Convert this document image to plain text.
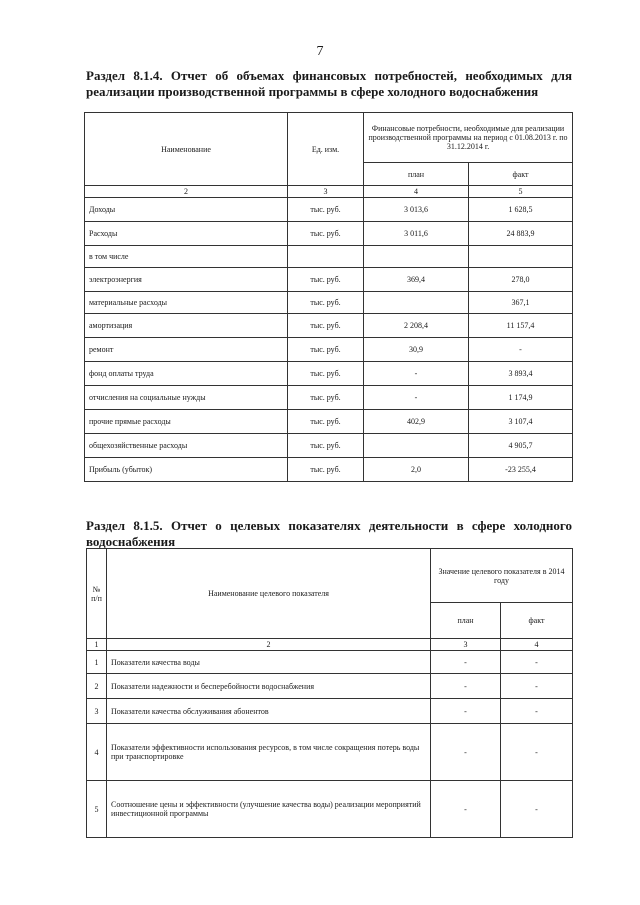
7
Раздел 8.1.4. Отчет об объемах финансовых потребностей, необходимых для реализации производственной программы в сфере холодного водоснабжения
Наименование	Ед. изм.	Финансовые потребности, необходимые для реализации производственной программы на период с 01.08.2013 г. по 31.12.2014 г.	
		план	факт
2	3	4	5
Доходы	тыс. руб.	3 013,6	1 628,5
Расходы	тыс. руб.	3 011,6	24 883,9
в том числе			
электроэнергия	тыс. руб.	369,4	278,0
материальные расходы	тыс. руб.		367,1
амортизация	тыс. руб.	2 208,4	11 157,4
ремонт	тыс. руб.	30,9	-
фонд оплаты труда	тыс. руб.	-	3 893,4
отчисления на социальные нужды	тыс. руб.	-	1 174,9
прочие прямые расходы	тыс. руб.	402,9	3 107,4
общехозяйственные расходы	тыс. руб.		4 905,7
Прибыль (убыток)	тыс. руб.	2,0	-23 255,4
Раздел 8.1.5. Отчет о целевых показателях деятельности в сфере холодного водоснабжения
№ п/п	Наименование целевого показателя	Значение целевого показателя в 2014 году	
		план	факт
1	2	3	4
1	Показатели качества воды	-	-
2	Показатели надежности и бесперебойности водоснабжения	-	-
3	Показатели качества обслуживания абонентов	-	-
4	Показатели эффективности использования ресурсов, в том числе сокращения потерь воды при транспортировке	-	-
5	Соотношение цены и эффективности (улучшение качества воды) реализации мероприятий инвестиционной программы	-	-
